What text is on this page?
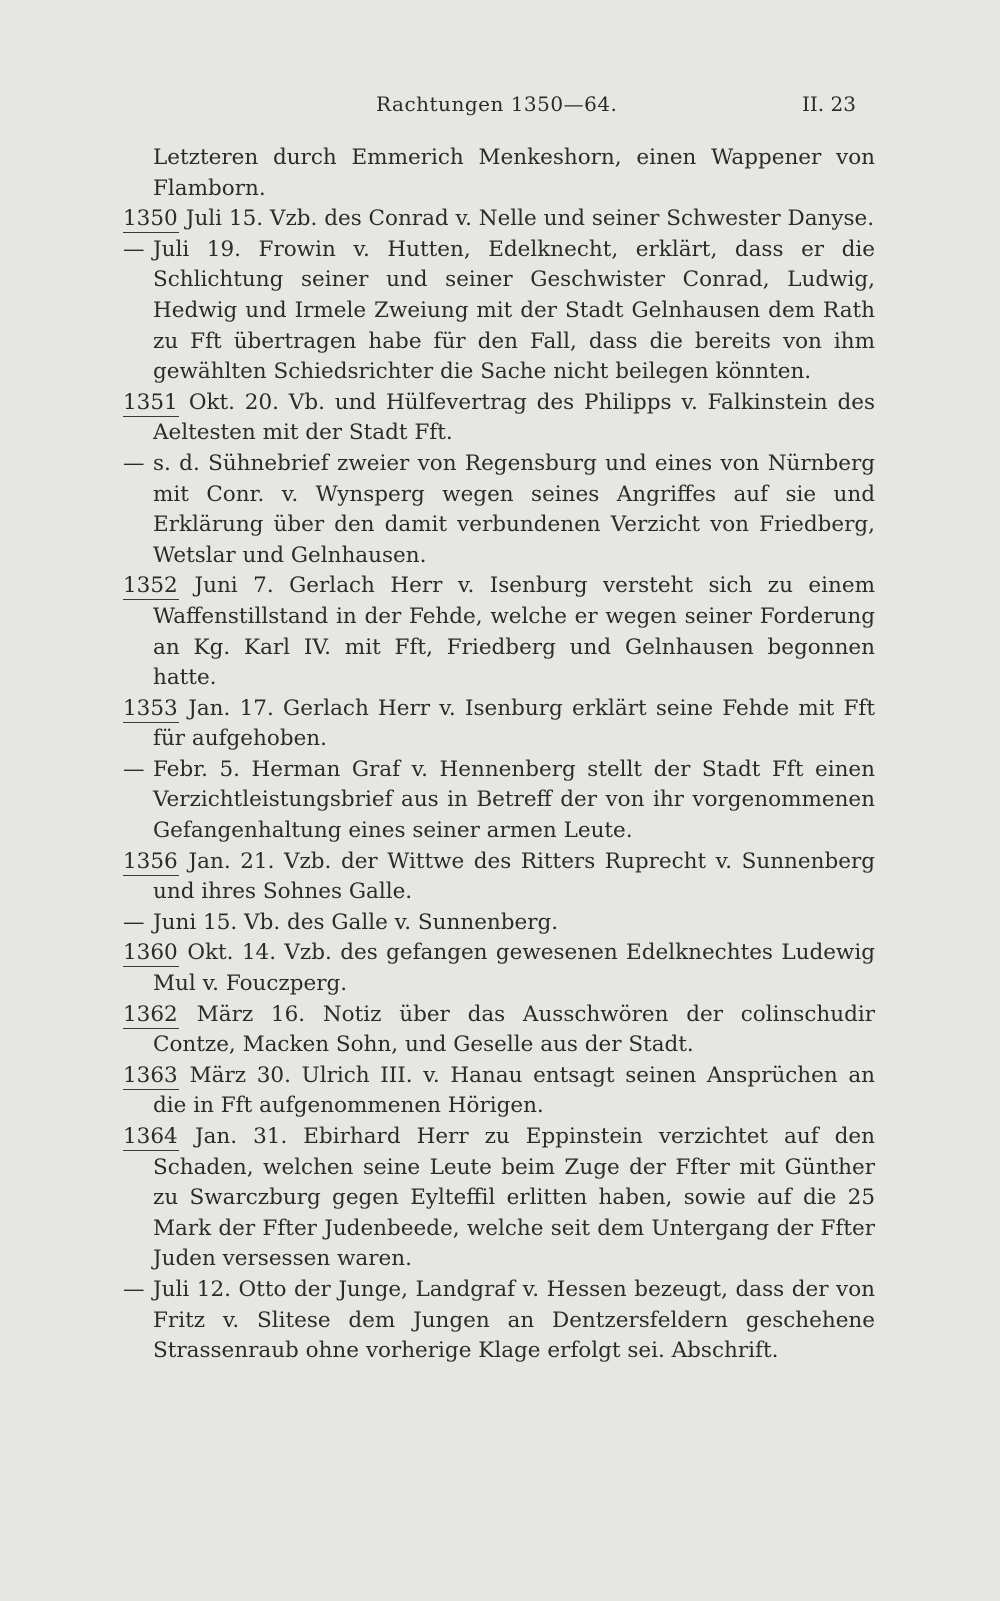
Rachtungen 1350—64.	II. 23

Letzteren durch Emmerich Menkeshorn, einen Wappener von Flamborn.

1350 Juli 15. Vzb. des Conrad v. Nelle und seiner Schwester Danyse.

— Juli 19. Frowin v. Hutten, Edelknecht, erklärt, dass er die Schlichtung seiner und seiner Geschwister Conrad, Ludwig, Hedwig und Irmele Zweiung mit der Stadt Gelnhausen dem Rath zu Fft übertragen habe für den Fall, dass die bereits von ihm gewählten Schiedsrichter die Sache nicht beilegen könnten.

1351 Okt. 20. Vb. und Hülfevertrag des Philipps v. Falkinstein des Aeltesten mit der Stadt Fft.

— s. d. Sühnebrief zweier von Regensburg und eines von Nürnberg mit Conr. v. Wynsperg wegen seines Angriffes auf sie und Erklärung über den damit verbundenen Verzicht von Friedberg, Wetslar und Gelnhausen.

1352 Juni 7. Gerlach Herr v. Isenburg versteht sich zu einem Waffenstillstand in der Fehde, welche er wegen seiner Forderung an Kg. Karl IV. mit Fft, Friedberg und Gelnhausen begonnen hatte.

1353 Jan. 17. Gerlach Herr v. Isenburg erklärt seine Fehde mit Fft für aufgehoben.

— Febr. 5. Herman Graf v. Hennenberg stellt der Stadt Fft einen Verzichtleistungsbrief aus in Betreff der von ihr vorgenommenen Gefangenhaltung eines seiner armen Leute.

1356 Jan. 21. Vzb. der Wittwe des Ritters Ruprecht v. Sunnenberg und ihres Sohnes Galle.

— Juni 15. Vb. des Galle v. Sunnenberg.

1360 Okt. 14. Vzb. des gefangen gewesenen Edelknechtes Ludewig Mul v. Fouczperg.

1362 März 16. Notiz über das Ausschwören der colinschudir Contze, Macken Sohn, und Geselle aus der Stadt.

1363 März 30. Ulrich III. v. Hanau entsagt seinen Ansprüchen an die in Fft aufgenommenen Hörigen.

1364 Jan. 31. Ebirhard Herr zu Eppinstein verzichtet auf den Schaden, welchen seine Leute beim Zuge der Ffter mit Günther zu Swarczburg gegen Eylteffil erlitten haben, sowie auf die 25 Mark der Ffter Judenbeede, welche seit dem Untergang der Ffter Juden versessen waren.

— Juli 12. Otto der Junge, Landgraf v. Hessen bezeugt, dass der von Fritz v. Slitese dem Jungen an Dentzersfeldern geschehene Strassenraub ohne vorherige Klage erfolgt sei. Abschrift.
